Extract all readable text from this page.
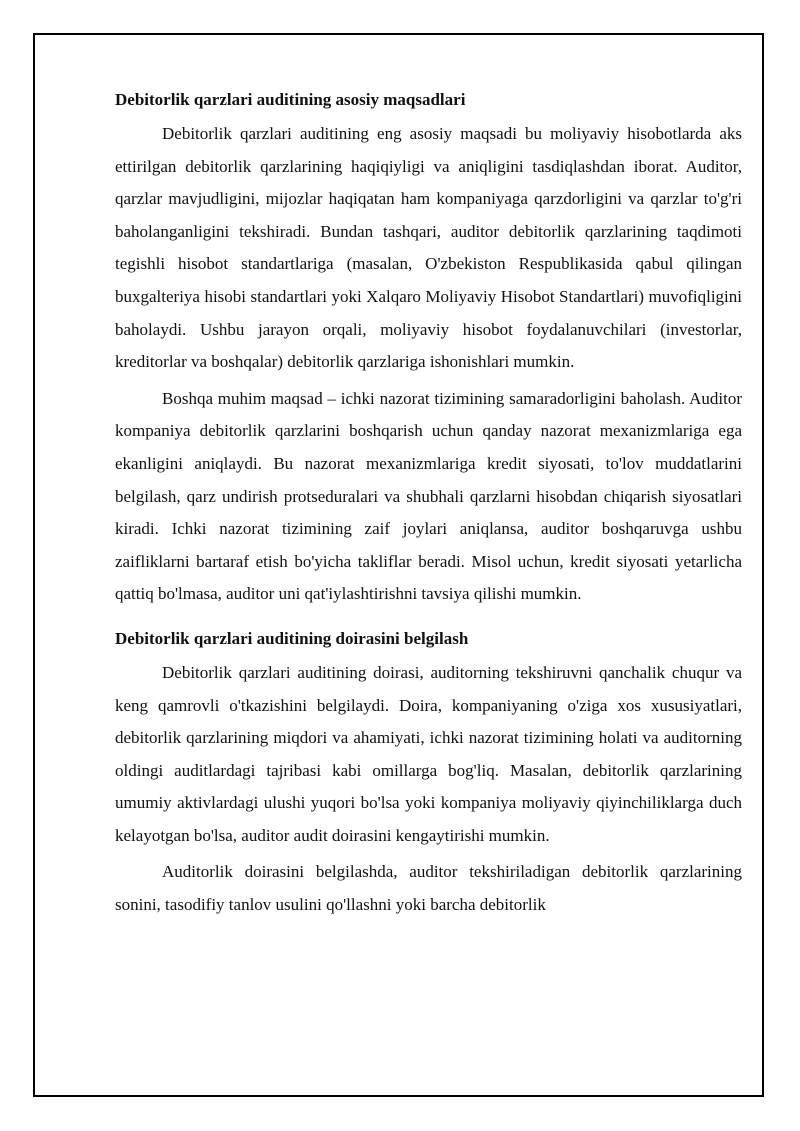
Debitorlik qarzlari auditining asosiy maqsadlari

Debitorlik qarzlari auditining eng asosiy maqsadi bu moliyaviy hisobotlarda aks ettirilgan debitorlik qarzlarining haqiqiyligi va aniqligini tasdiqlashdan iborat. Auditor, qarzlar mavjudligini, mijozlar haqiqatan ham kompaniyaga qarzdorligini va qarzlar to'g'ri baholanganligini tekshiradi. Bundan tashqari, auditor debitorlik qarzlarining taqdimoti tegishli hisobot standartlariga (masalan, O'zbekiston Respublikasida qabul qilingan buxgalteriya hisobi standartlari yoki Xalqaro Moliyaviy Hisobot Standartlari) muvofiqligini baholaydi. Ushbu jarayon orqali, moliyaviy hisobot foydalanuvchilari (investorlar, kreditorlar va boshqalar) debitorlik qarzlariga ishonishlari mumkin.

Boshqa muhim maqsad – ichki nazorat tizimining samaradorligini baholash. Auditor kompaniya debitorlik qarzlarini boshqarish uchun qanday nazorat mexanizmlariga ega ekanligini aniqlaydi. Bu nazorat mexanizmlariga kredit siyosati, to'lov muddatlarini belgilash, qarz undirish protseduralari va shubhali qarzlarni hisobdan chiqarish siyosatlari kiradi. Ichki nazorat tizimining zaif joylari aniqlansa, auditor boshqaruvga ushbu zaifliklarni bartaraf etish bo'yicha takliflar beradi. Misol uchun, kredit siyosati yetarlicha qattiq bo'lmasa, auditor uni qat'iylashtirishni tavsiya qilishi mumkin.

Debitorlik qarzlari auditining doirasini belgilash

Debitorlik qarzlari auditining doirasi, auditorning tekshiruvni qanchalik chuqur va keng qamrovli o'tkazishini belgilaydi. Doira, kompaniyaning o'ziga xos xususiyatlari, debitorlik qarzlarining miqdori va ahamiyati, ichki nazorat tizimining holati va auditorning oldingi auditlardagi tajribasi kabi omillarga bog'liq. Masalan, debitorlik qarzlarining umumiy aktivlardagi ulushi yuqori bo'lsa yoki kompaniya moliyaviy qiyinchiliklarga duch kelayotgan bo'lsa, auditor audit doirasini kengaytirishi mumkin.

Auditorlik doirasini belgilashda, auditor tekshiriladigan debitorlik qarzlarining sonini, tasodifiy tanlov usulini qo'llashni yoki barcha debitorlik
